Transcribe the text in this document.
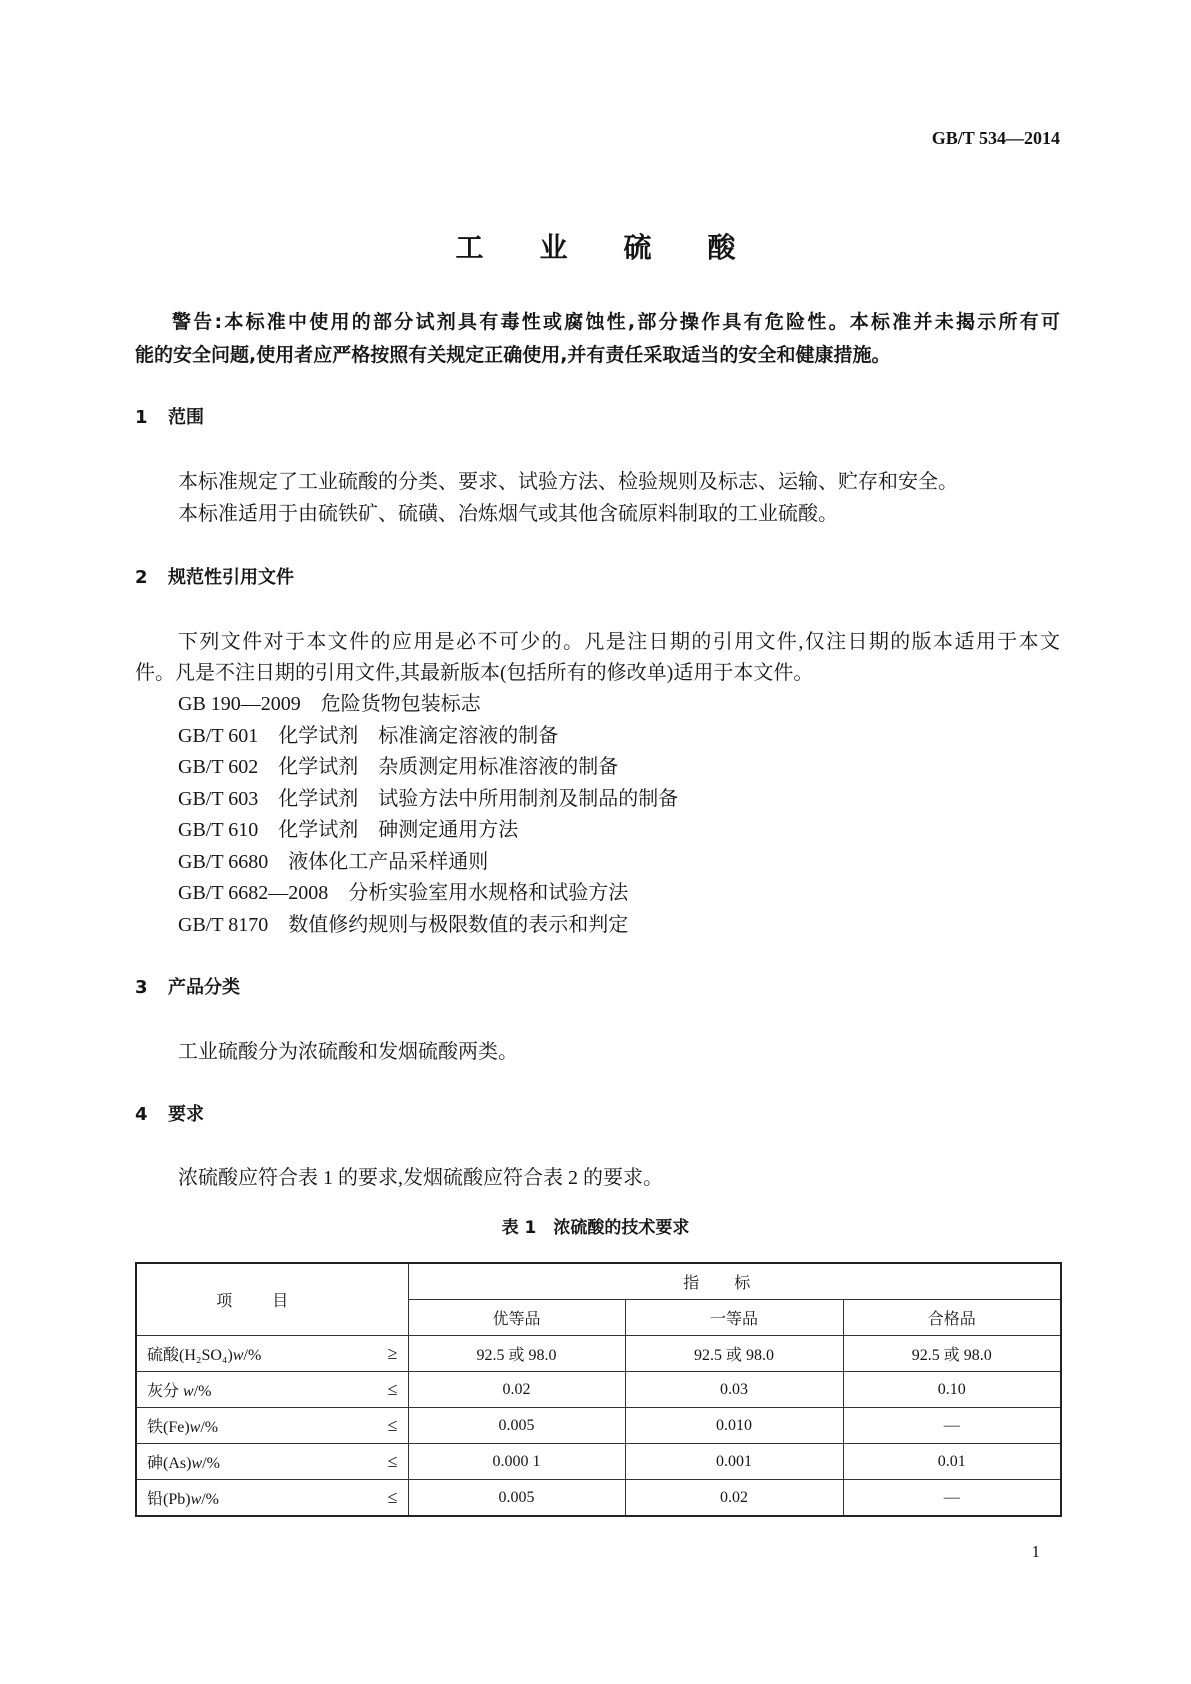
GB/T 534—2014
工业硫酸
警告:本标准中使用的部分试剂具有毒性或腐蚀性,部分操作具有危险性。本标准并未揭示所有可
能的安全问题,使用者应严格按照有关规定正确使用,并有责任采取适当的安全和健康措施。
1 范围
本标准规定了工业硫酸的分类、要求、试验方法、检验规则及标志、运输、贮存和安全。
本标准适用于由硫铁矿、硫磺、冶炼烟气或其他含硫原料制取的工业硫酸。
2 规范性引用文件
下列文件对于本文件的应用是必不可少的。凡是注日期的引用文件,仅注日期的版本适用于本文
件。凡是不注日期的引用文件,其最新版本(包括所有的修改单)适用于本文件。
GB 190—2009 危险货物包装标志
GB/T 601 化学试剂　标准滴定溶液的制备
GB/T 602 化学试剂　杂质测定用标准溶液的制备
GB/T 603 化学试剂　试验方法中所用制剂及制品的制备
GB/T 610 化学试剂　砷测定通用方法
GB/T 6680 液体化工产品采样通则
GB/T 6682—2008 分析实验室用水规格和试验方法
GB/T 8170 数值修约规则与极限数值的表示和判定
3 产品分类
工业硫酸分为浓硫酸和发烟硫酸两类。
4 要求
浓硫酸应符合表 1 的要求,发烟硫酸应符合表 2 的要求。
表 1 浓硫酸的技术要求
项目	指标		
	优等品	一等品	合格品

硫酸(H₂SO₄)w/% ≥	92.5 或 98.0	92.5 或 98.0	92.5 或 98.0

灰分 w/% ≤	0.02	0.03	0.10

铁(Fe)w/% ≤	0.005	0.010	—

砷(As)w/% ≤	0.000 1	0.001	0.01

铅(Pb)w/% ≤	0.005	0.02	—
1
